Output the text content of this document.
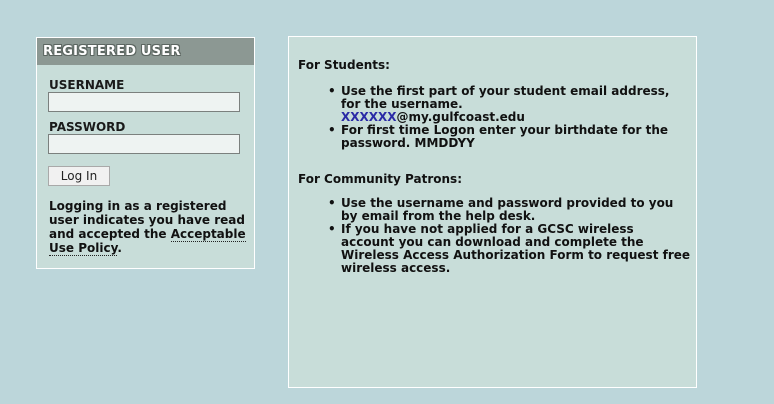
REGISTERED USER
USERNAME
PASSWORD
Log In
Logging in as a registered user indicates you have read and accepted the Acceptable Use Policy.
For Students:
• Use the first part of your student email address, for the username.
XXXXXX@my.gulfcoast.edu
• For first time Logon enter your birthdate for the password. MMDDYY
For Community Patrons:
• Use the username and password provided to you by email from the help desk.
• If you have not applied for a GCSC wireless account you can download and complete the Wireless Access Authorization Form to request free wireless access.
